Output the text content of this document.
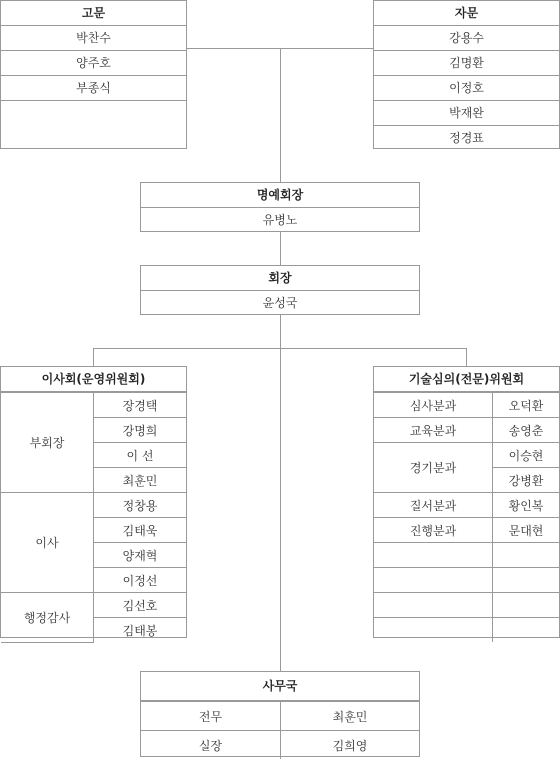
고문
박찬수
양주호
부종식
자문
강용수
김명환
이정호
박재완
정경표
명예회장
유병노
회장
윤성국
이사회(운영위원회)
부회장	장경택
	강명희
	이 선
	최훈민
이사	정창용
	김태욱
	양재혁
	이정선
행정감사	김선호
	김태봉
기술심의(전문)위원회
심사분과	오덕환
교육분과	송영춘
경기분과	이승현
	강병환
질서분과	황인복
진행분과	문대현

사무국
전무	최훈민
실장	김희영
